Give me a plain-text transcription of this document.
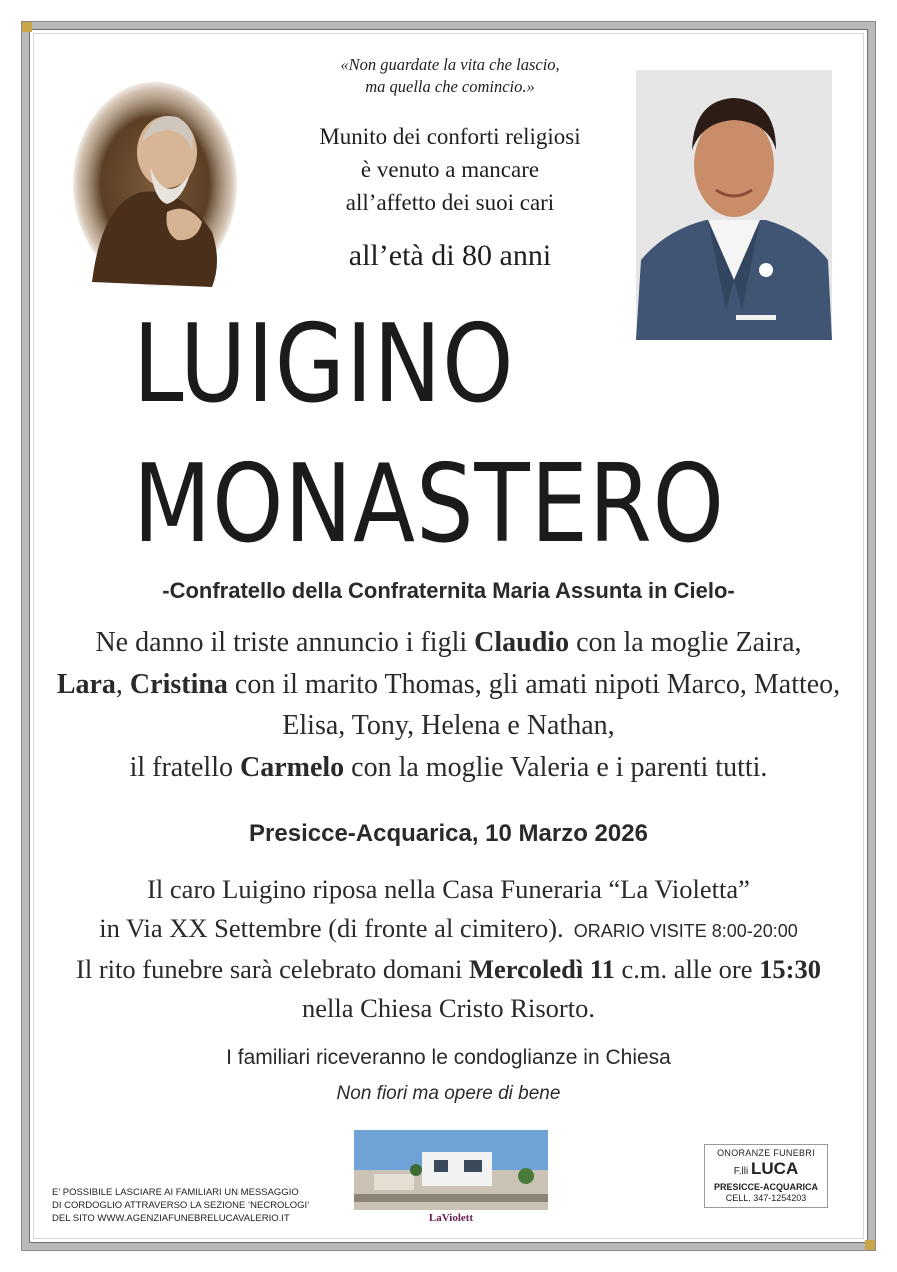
«Non guardate la vita che lascio,
ma quella che comincio.»
Munito dei conforti religiosi
è venuto a mancare
all’affetto dei suoi cari
all’età di 80 anni
LUIGINO
MONASTERO
-Confratello della Confraternita Maria Assunta in Cielo-
Ne danno il triste annuncio i figli Claudio con la moglie Zaira,
Lara, Cristina con il marito Thomas, gli amati nipoti Marco, Matteo,
Elisa, Tony, Helena e Nathan,
il fratello Carmelo con la moglie Valeria e i parenti tutti.
Presicce-Acquarica, 10 Marzo 2026
Il caro Luigino riposa nella Casa Funeraria “La Violetta”
in Via XX Settembre (di fronte al cimitero). ORARIO VISITE 8:00-20:00
Il rito funebre sarà celebrato domani Mercoledì 11 c.m. alle ore 15:30
nella Chiesa Cristo Risorto.
I familiari riceveranno le condoglianze in Chiesa
Non fiori ma opere di bene
E’ POSSIBILE LASCIARE AI FAMILIARI UN MESSAGGIO
DI CORDOGLIO ATTRAVERSO LA SEZIONE ‘NECROLOGI’
DEL SITO WWW.AGENZIAFUNEBRELUCAVALERIO.IT	LaViolett
ONORANZE FUNEBRI
F.lli LUCA
PRESICCE-ACQUARICA
CELL. 347-1254203
